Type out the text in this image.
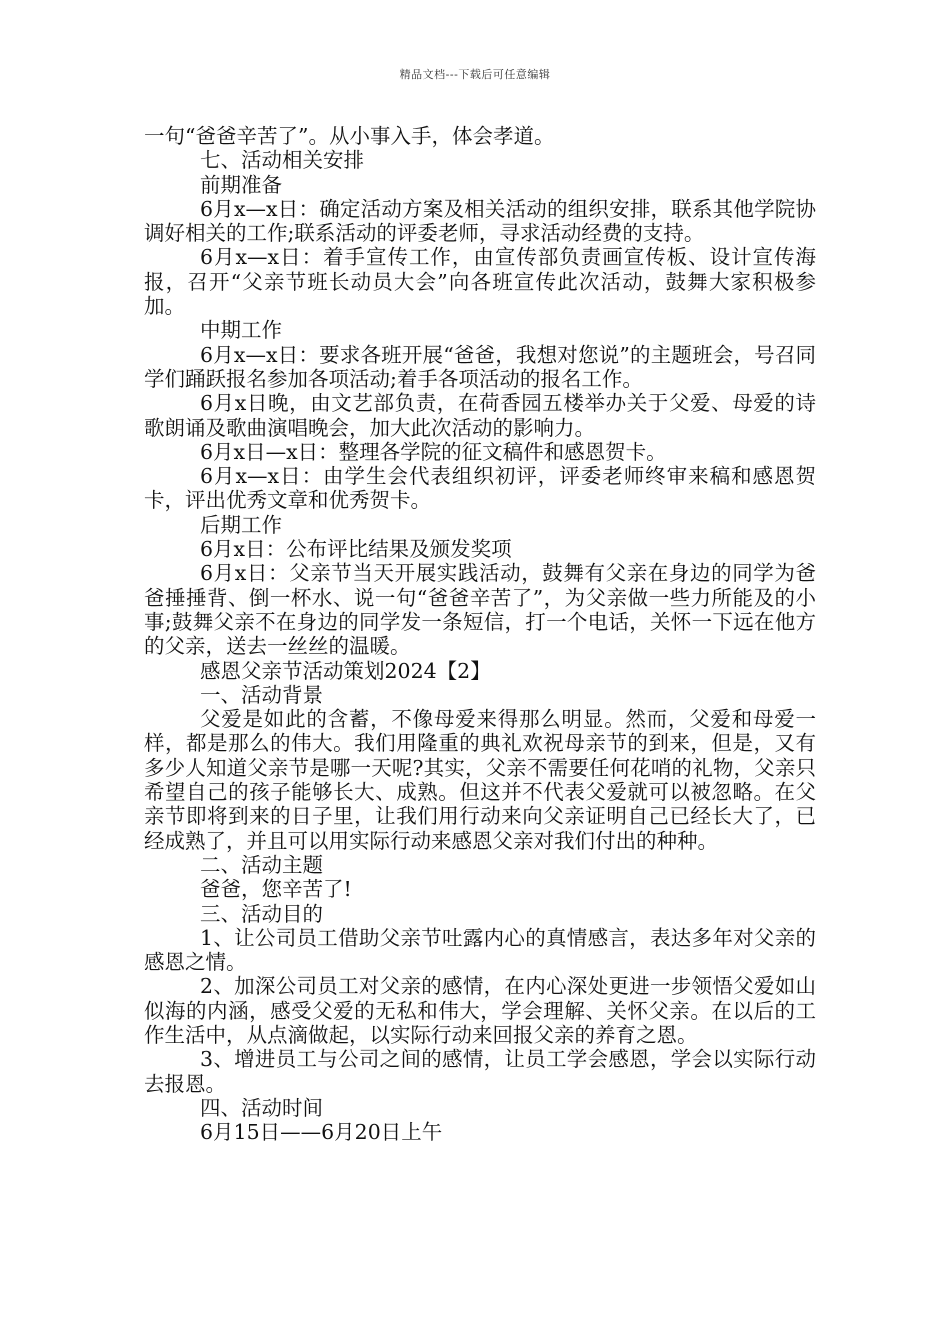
精品文档---下载后可任意编辑

一句“爸爸辛苦了”。从小事入手，体会孝道。

七、活动相关安排

前期准备

6月x—x日：确定活动方案及相关活动的组织安排，联系其他学院协调好相关的工作;联系活动的评委老师，寻求活动经费的支持。

6月x—x日：着手宣传工作，由宣传部负责画宣传板、设计宣传海报，召开“父亲节班长动员大会”向各班宣传此次活动，鼓舞大家积极参加。

中期工作

6月x—x日：要求各班开展“爸爸，我想对您说”的主题班会，号召同学们踊跃报名参加各项活动;着手各项活动的报名工作。

6月x日晚，由文艺部负责，在荷香园五楼举办关于父爱、母爱的诗歌朗诵及歌曲演唱晚会，加大此次活动的影响力。

6月x日—x日：整理各学院的征文稿件和感恩贺卡。

6月x—x日：由学生会代表组织初评，评委老师终审来稿和感恩贺卡，评出优秀文章和优秀贺卡。

后期工作

6月x日：公布评比结果及颁发奖项

6月x日：父亲节当天开展实践活动，鼓舞有父亲在身边的同学为爸爸捶捶背、倒一杯水、说一句“爸爸辛苦了”，为父亲做一些力所能及的小事;鼓舞父亲不在身边的同学发一条短信，打一个电话，关怀一下远在他方的父亲，送去一丝丝的温暖。

感恩父亲节活动策划2024【2】

一、活动背景

父爱是如此的含蓄，不像母爱来得那么明显。然而，父爱和母爱一样，都是那么的伟大。我们用隆重的典礼欢祝母亲节的到来，但是，又有多少人知道父亲节是哪一天呢?其实，父亲不需要任何花哨的礼物，父亲只希望自己的孩子能够长大、成熟。但这并不代表父爱就可以被忽略。在父亲节即将到来的日子里，让我们用行动来向父亲证明自己已经长大了，已经成熟了，并且可以用实际行动来感恩父亲对我们付出的种种。

二、活动主题

爸爸，您辛苦了!

三、活动目的

1、让公司员工借助父亲节吐露内心的真情感言，表达多年对父亲的感恩之情。

2、加深公司员工对父亲的感情，在内心深处更进一步领悟父爱如山似海的内涵，感受父爱的无私和伟大，学会理解、关怀父亲。在以后的工作生活中，从点滴做起，以实际行动来回报父亲的养育之恩。

3、增进员工与公司之间的感情，让员工学会感恩，学会以实际行动去报恩。

四、活动时间

6月15日——6月20日上午
